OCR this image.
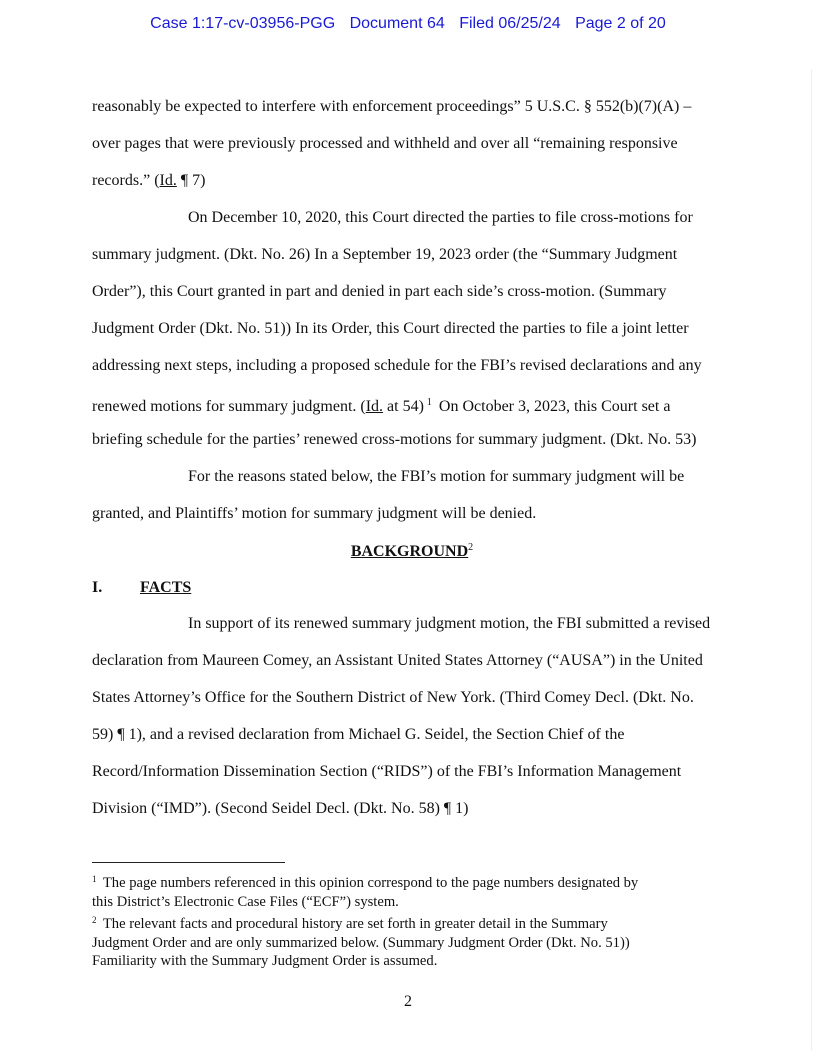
Case 1:17-cv-03956-PGG Document 64 Filed 06/25/24 Page 2 of 20
reasonably be expected to interfere with enforcement proceedings” 5 U.S.C. § 552(b)(7)(A) –
over pages that were previously processed and withheld and over all “remaining responsive
records.” (Id. ¶ 7)
On December 10, 2020, this Court directed the parties to file cross-motions for
summary judgment. (Dkt. No. 26) In a September 19, 2023 order (the “Summary Judgment
Order”), this Court granted in part and denied in part each side’s cross-motion. (Summary
Judgment Order (Dkt. No. 51)) In its Order, this Court directed the parties to file a joint letter
addressing next steps, including a proposed schedule for the FBI’s revised declarations and any
renewed motions for summary judgment. (Id. at 54) $^1$ On October 3, 2023, this Court set a
briefing schedule for the parties’ renewed cross-motions for summary judgment. (Dkt. No. 53)
For the reasons stated below, the FBI’s motion for summary judgment will be
granted, and Plaintiffs’ motion for summary judgment will be denied.
BACKGROUND$^2$
I. FACTS
In support of its renewed summary judgment motion, the FBI submitted a revised
declaration from Maureen Comey, an Assistant United States Attorney (“AUSA”) in the United
States Attorney’s Office for the Southern District of New York. (Third Comey Decl. (Dkt. No.
59) ¶ 1), and a revised declaration from Michael G. Seidel, the Section Chief of the
Record/Information Dissemination Section (“RIDS”) of the FBI’s Information Management
Division (“IMD”). (Second Seidel Decl. (Dkt. No. 58) ¶ 1)
$^1$ The page numbers referenced in this opinion correspond to the page numbers designated by
this District’s Electronic Case Files (“ECF”) system.
$^2$ The relevant facts and procedural history are set forth in greater detail in the Summary
Judgment Order and are only summarized below. (Summary Judgment Order (Dkt. No. 51))
Familiarity with the Summary Judgment Order is assumed.
2
